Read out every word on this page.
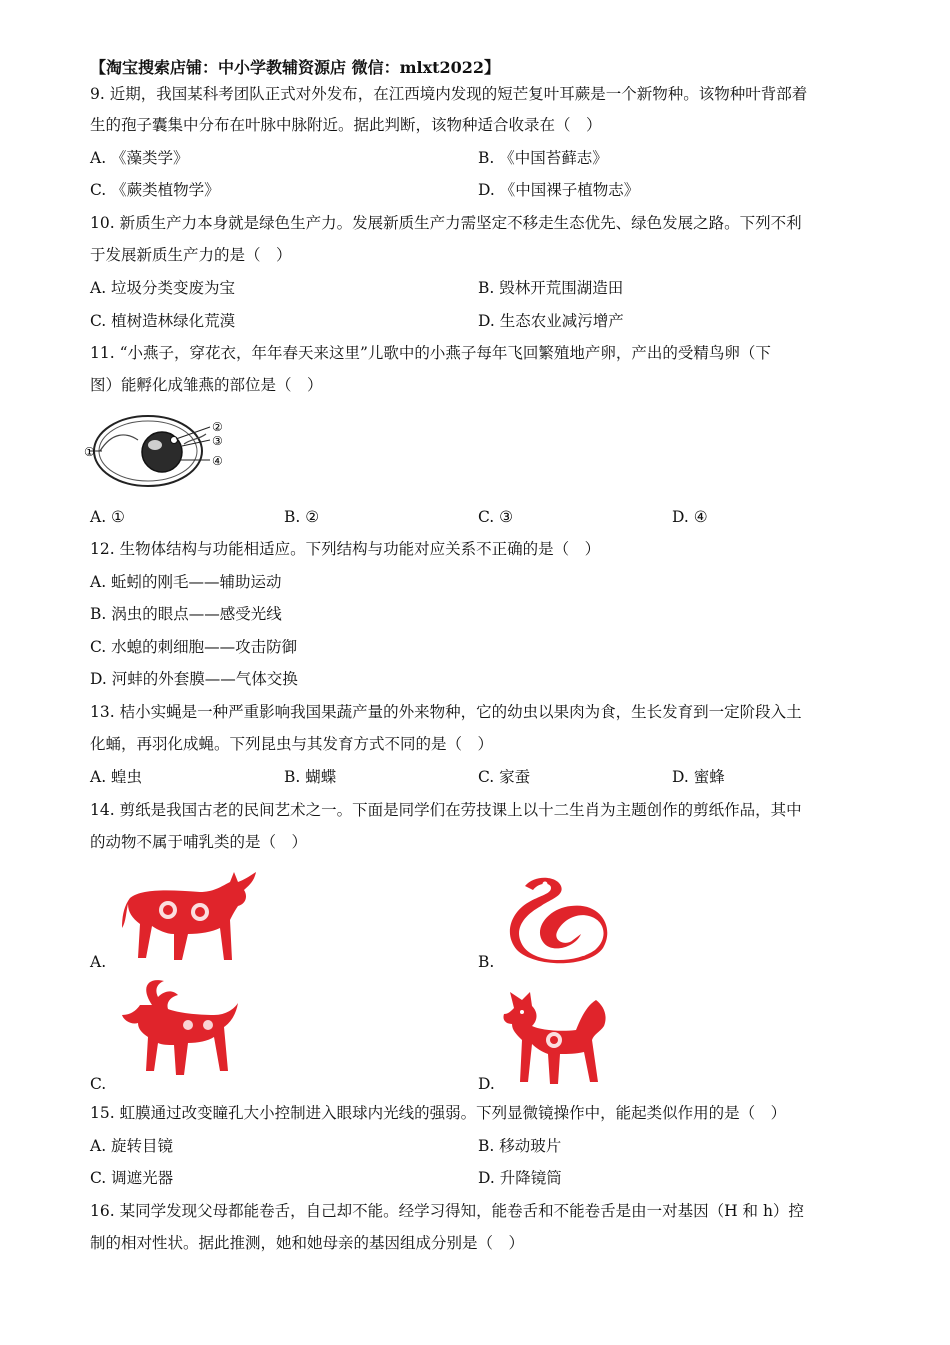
【淘宝搜索店铺：中小学教辅资源店 微信：mlxt2022】
9. 近期，我国某科考团队正式对外发布，在江西境内发现的短芒复叶耳蕨是一个新物种。该物种叶背部着
生的孢子囊集中分布在叶脉中脉附近。据此判断，该物种适合收录在（　）
A. 《藻类学》	B. 《中国苔藓志》
C. 《蕨类植物学》	D. 《中国裸子植物志》
10. 新质生产力本身就是绿色生产力。发展新质生产力需坚定不移走生态优先、绿色发展之路。下列不利
于发展新质生产力的是（　）
A. 垃圾分类变废为宝	B. 毁林开荒围湖造田
C. 植树造林绿化荒漠	D. 生态农业减污增产
11. “小燕子，穿花衣，年年春天来这里”儿歌中的小燕子每年飞回繁殖地产卵，产出的受精鸟卵（下
图）能孵化成雏燕的部位是（　）
①
②
③
④
A. ①	B. ②	C. ③	D. ④
12. 生物体结构与功能相适应。下列结构与功能对应关系不正确的是（　）
A. 蚯蚓的刚毛——辅助运动
B. 涡虫的眼点——感受光线
C. 水螅的刺细胞——攻击防御
D. 河蚌的外套膜——气体交换
13. 桔小实蝇是一种严重影响我国果蔬产量的外来物种，它的幼虫以果肉为食，生长发育到一定阶段入土
化蛹，再羽化成蝇。下列昆虫与其发育方式不同的是（　）
A. 蝗虫	B. 蝴蝶	C. 家蚕	D. 蜜蜂
14. 剪纸是我国古老的民间艺术之一。下面是同学们在劳技课上以十二生肖为主题创作的剪纸作品，其中
的动物不属于哺乳类的是（　）
A.	B.
C.	D.
15. 虹膜通过改变瞳孔大小控制进入眼球内光线的强弱。下列显微镜操作中，能起类似作用的是（　）
A. 旋转目镜	B. 移动玻片
C. 调遮光器	D. 升降镜筒
16. 某同学发现父母都能卷舌，自己却不能。经学习得知，能卷舌和不能卷舌是由一对基因（H 和 h）控
制的相对性状。据此推测，她和她母亲的基因组成分别是（　）
